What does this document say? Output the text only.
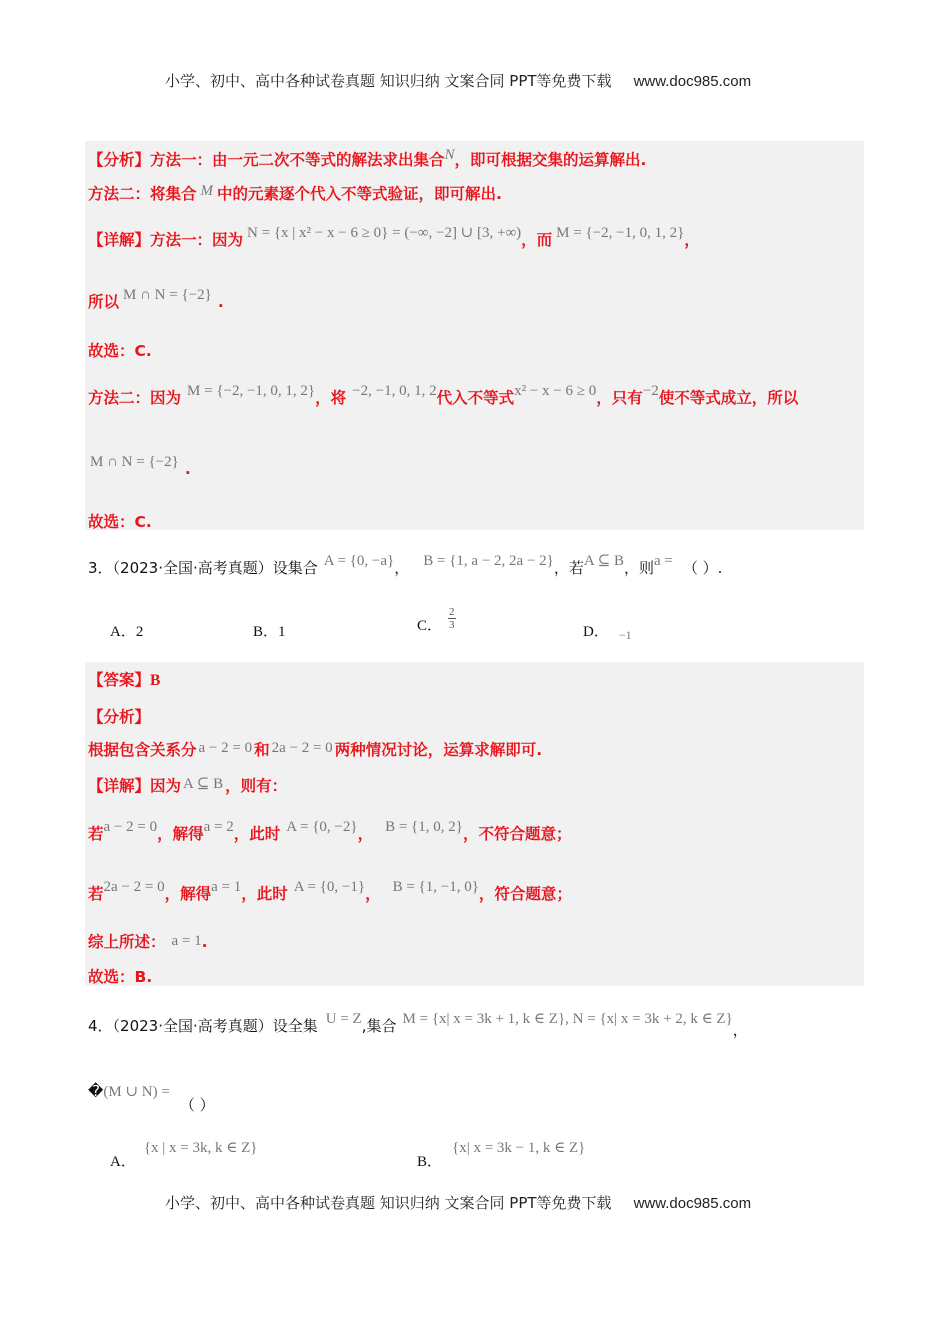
小学、初中、高中各种试卷真题 知识归纳 文案合同 PPT等免费下载 www.doc985.com
【分析】方法一：由一元二次不等式的解法求出集合N，即可根据交集的运算解出.
方法二：将集合 M 中的元素逐个代入不等式验证，即可解出.
【详解】方法一：因为 N = {x | x² − x − 6 ≥ 0} = (−∞, −2] ∪ [3, +∞)，而 M = {−2, −1, 0, 1, 2}，
所以 M ∩ N = {−2} .
故选：C.
方法二：因为 M = {−2, −1, 0, 1, 2}，将 −2, −1, 0, 1, 2代入不等式x² − x − 6 ≥ 0，只有−2使不等式成立，所以
M ∩ N = {−2} .
故选：C.
3．（2023·全国·高考真题）设集合 A = {0, −a}， B = {1, a − 2, 2a − 2}，若A ⊆ B，则a = （ ）.
A．2	B．1	C． $\frac{2}{3}$
D． $_{-1}$
【答案】B
【分析】
根据包含关系分 a − 2 = 0 和 2a − 2 = 0 两种情况讨论，运算求解即可.
【详解】因为 A ⊆ B ，则有：
若a − 2 = 0，解得a = 2，此时 A = {0, −2}， B = {1, 0, 2}，不符合题意；
若2a − 2 = 0，解得a = 1，此时 A = {0, −1}， B = {1, −1, 0}，符合题意；
综上所述： a = 1.
故选：B.
4．（2023·全国·高考真题）设全集 U = Z,集合 M = {x| x = 3k + 1, k ∈ Z}, N = {x| x = 3k + 2, k ∈ Z}，
�(M ∪ N) =（ ）
A．{x | x = 3k, k ∈ Z}
B．{x| x = 3k − 1, k ∈ Z}
小学、初中、高中各种试卷真题 知识归纳 文案合同 PPT等免费下载 www.doc985.com
